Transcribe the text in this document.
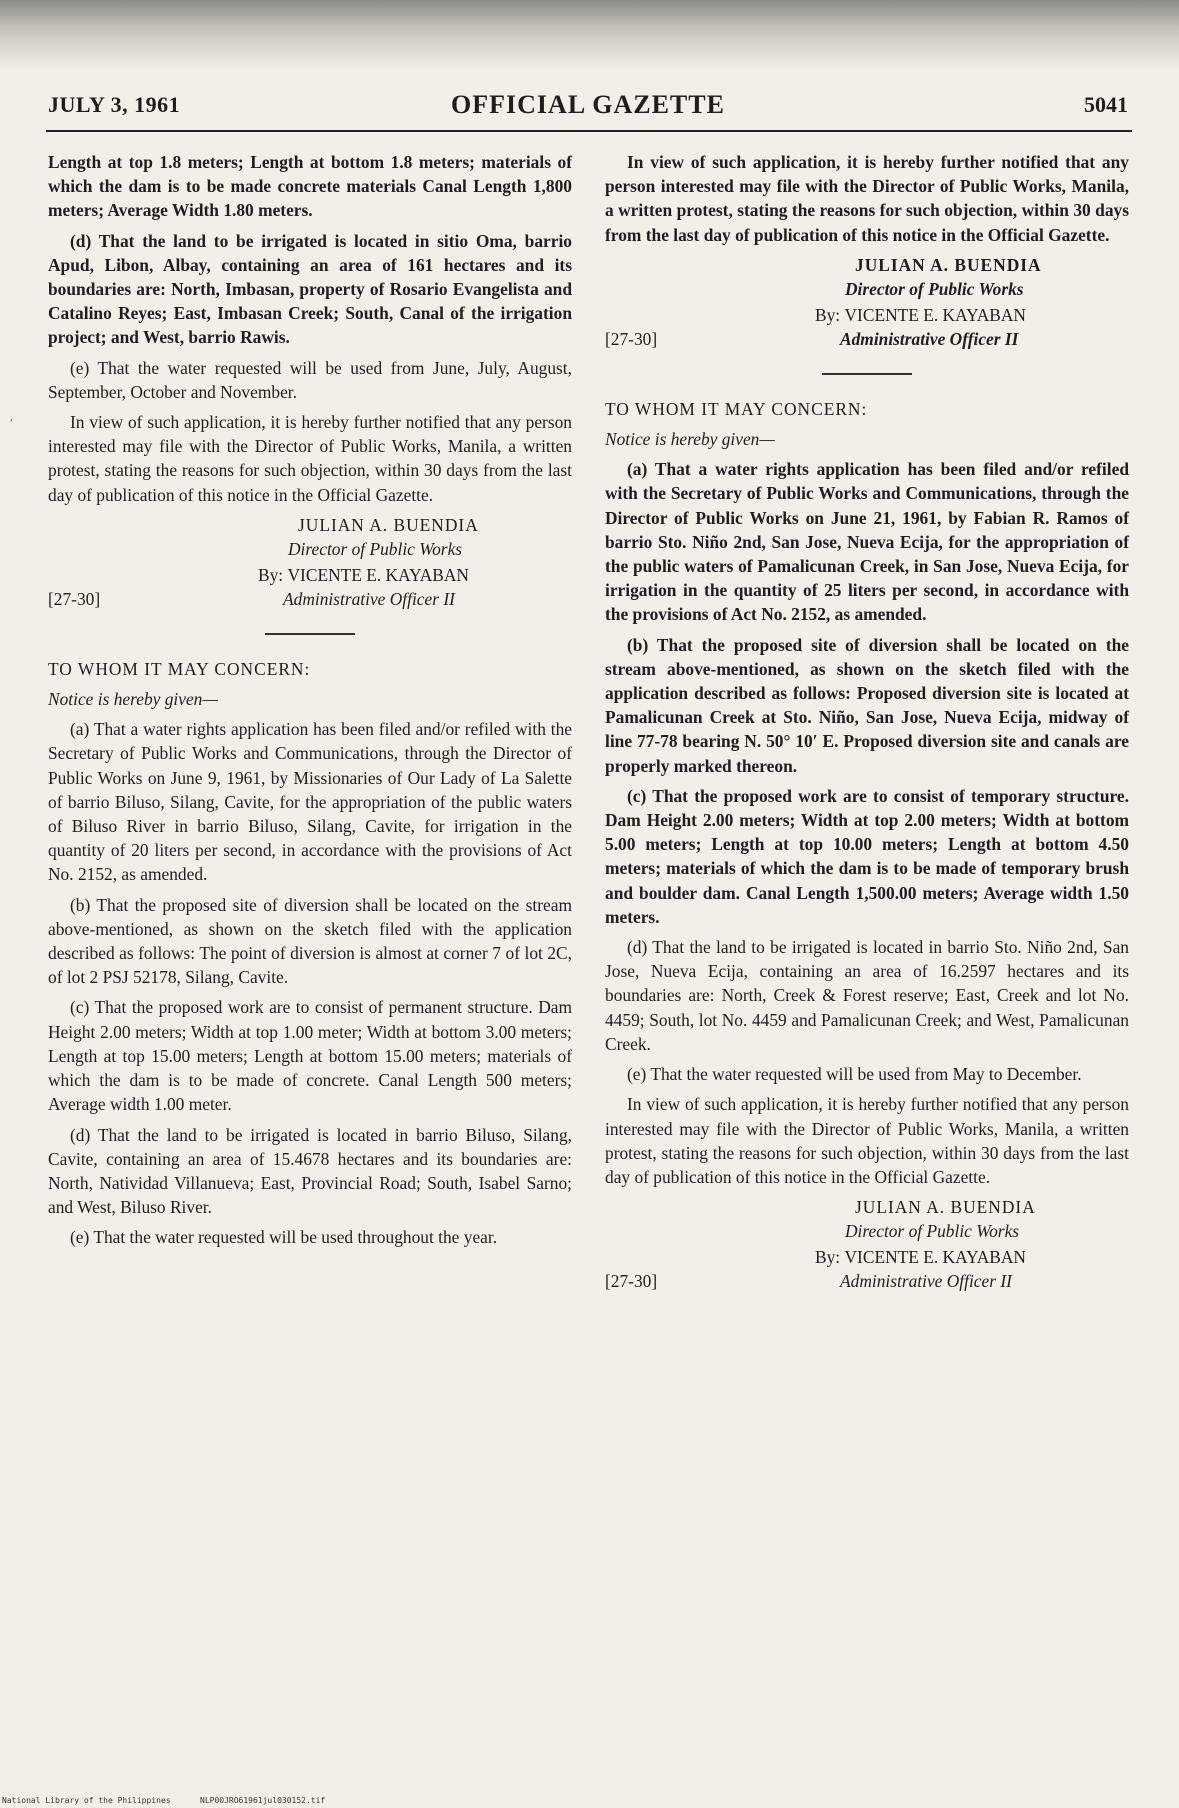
JULY 3, 1961	OFFICIAL GAZETTE	5041
,

Length at top 1.8 meters; Length at bottom 1.8 meters; materials of which the dam is to be made concrete materials Canal Length 1,800 meters; Average Width 1.80 meters.

(d) That the land to be irrigated is located in sitio Oma, barrio Apud, Libon, Albay, containing an area of 161 hectares and its boundaries are: North, Imbasan, property of Rosario Evangelista and Catalino Reyes; East, Imbasan Creek; South, Canal of the irrigation project; and West, barrio Rawis.

(e) That the water requested will be used from June, July, August, September, October and November.

In view of such application, it is hereby further notified that any person interested may file with the Director of Public Works, Manila, a written protest, stating the reasons for such objection, within 30 days from the last day of publication of this notice in the Official Gazette.

JULIAN A. BUENDIA
Director of Public Works
By: VICENTE E. KAYABAN
[27-30]	Administrative Officer II

TO WHOM IT MAY CONCERN:

Notice is hereby given—

(a) That a water rights application has been filed and/or refiled with the Secretary of Public Works and Communications, through the Director of Public Works on June 9, 1961, by Missionaries of Our Lady of La Salette of barrio Biluso, Silang, Cavite, for the appropriation of the public waters of Biluso River in barrio Biluso, Silang, Cavite, for irrigation in the quantity of 20 liters per second, in accordance with the provisions of Act No. 2152, as amended.

(b) That the proposed site of diversion shall be located on the stream above-mentioned, as shown on the sketch filed with the application described as follows: The point of diversion is almost at corner 7 of lot 2C, of lot 2 PSJ 52178, Silang, Cavite.

(c) That the proposed work are to consist of permanent structure. Dam Height 2.00 meters; Width at top 1.00 meter; Width at bottom 3.00 meters; Length at top 15.00 meters; Length at bottom 15.00 meters; materials of which the dam is to be made of concrete. Canal Length 500 meters; Average width 1.00 meter.

(d) That the land to be irrigated is located in barrio Biluso, Silang, Cavite, containing an area of 15.4678 hectares and its boundaries are: North, Natividad Villanueva; East, Provincial Road; South, Isabel Sarno; and West, Biluso River.

(e) That the water requested will be used throughout the year.

In view of such application, it is hereby further notified that any person interested may file with the Director of Public Works, Manila, a written protest, stating the reasons for such objection, within 30 days from the last day of publication of this notice in the Official Gazette.

JULIAN A. BUENDIA
Director of Public Works
By: VICENTE E. KAYABAN
[27-30]	Administrative Officer II

TO WHOM IT MAY CONCERN:

Notice is hereby given—

(a) That a water rights application has been filed and/or refiled with the Secretary of Public Works and Communications, through the Director of Public Works on June 21, 1961, by Fabian R. Ramos of barrio Sto. Niño 2nd, San Jose, Nueva Ecija, for the appropriation of the public waters of Pamalicunan Creek, in San Jose, Nueva Ecija, for irrigation in the quantity of 25 liters per second, in accordance with the provisions of Act No. 2152, as amended.

(b) That the proposed site of diversion shall be located on the stream above-mentioned, as shown on the sketch filed with the application described as follows: Proposed diversion site is located at Pamalicunan Creek at Sto. Niño, San Jose, Nueva Ecija, midway of line 77-78 bearing N. 50° 10′ E. Proposed diversion site and canals are properly marked thereon.

(c) That the proposed work are to consist of temporary structure. Dam Height 2.00 meters; Width at top 2.00 meters; Width at bottom 5.00 meters; Length at top 10.00 meters; Length at bottom 4.50 meters; materials of which the dam is to be made of temporary brush and boulder dam. Canal Length 1,500.00 meters; Average width 1.50 meters.

(d) That the land to be irrigated is located in barrio Sto. Niño 2nd, San Jose, Nueva Ecija, containing an area of 16.2597 hectares and its boundaries are: North, Creek & Forest reserve; East, Creek and lot No. 4459; South, lot No. 4459 and Pamalicunan Creek; and West, Pamalicunan Creek.

(e) That the water requested will be used from May to December.

In view of such application, it is hereby further notified that any person interested may file with the Director of Public Works, Manila, a written protest, stating the reasons for such objection, within 30 days from the last day of publication of this notice in the Official Gazette.

JULIAN A. BUENDIA
Director of Public Works
By: VICENTE E. KAYABAN
[27-30]	Administrative Officer II
National Library of the Philippines	NLP00JRO61961jul030152.tif
